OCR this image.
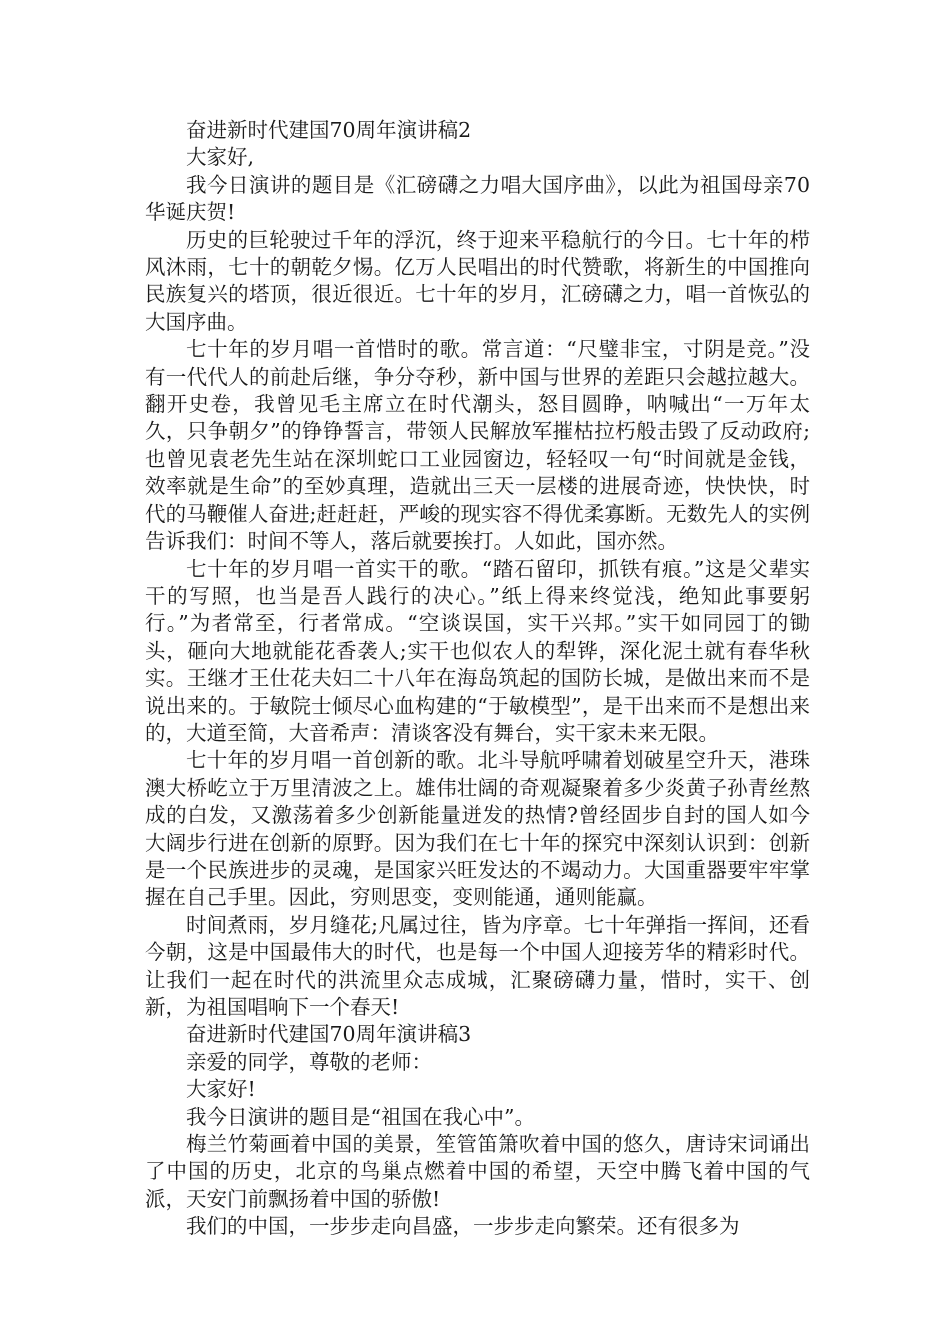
奋进新时代建国70周年演讲稿2

大家好,

我今日演讲的题目是《汇磅礴之力唱大国序曲》，以此为祖国母亲70华诞庆贺!

历史的巨轮驶过千年的浮沉，终于迎来平稳航行的今日。七十年的栉风沐雨，七十的朝乾夕惕。亿万人民唱出的时代赞歌，将新生的中国推向民族复兴的塔顶，很近很近。七十年的岁月，汇磅礴之力，唱一首恢弘的大国序曲。

七十年的岁月唱一首惜时的歌。常言道：“尺璧非宝，寸阴是竞。”没有一代代人的前赴后继，争分夺秒，新中国与世界的差距只会越拉越大。翻开史卷，我曾见毛主席立在时代潮头，怒目圆睁，呐喊出“一万年太久，只争朝夕”的铮铮誓言，带领人民解放军摧枯拉朽般击毁了反动政府;也曾见袁老先生站在深圳蛇口工业园窗边，轻轻叹一句“时间就是金钱，效率就是生命”的至妙真理，造就出三天一层楼的进展奇迹，快快快，时代的马鞭催人奋进;赶赶赶，严峻的现实容不得优柔寡断。无数先人的实例告诉我们：时间不等人，落后就要挨打。人如此，国亦然。

七十年的岁月唱一首实干的歌。“踏石留印，抓铁有痕。”这是父辈实干的写照，也当是吾人践行的决心。”纸上得来终觉浅，绝知此事要躬行。”为者常至，行者常成。“空谈误国，实干兴邦。”实干如同园丁的锄头，砸向大地就能花香袭人;实干也似农人的犁铧，深化泥土就有春华秋实。王继才王仕花夫妇二十八年在海岛筑起的国防长城，是做出来而不是说出来的。于敏院士倾尽心血构建的“于敏模型”，是干出来而不是想出来的，大道至简，大音希声：清谈客没有舞台，实干家未来无限。

七十年的岁月唱一首创新的歌。北斗导航呼啸着划破星空升天，港珠澳大桥屹立于万里清波之上。雄伟壮阔的奇观凝聚着多少炎黄子孙青丝熬成的白发，又激荡着多少创新能量迸发的热情?曾经固步自封的国人如今大阔步行进在创新的原野。因为我们在七十年的探究中深刻认识到：创新是一个民族进步的灵魂，是国家兴旺发达的不竭动力。大国重器要牢牢掌握在自己手里。因此，穷则思变，变则能通，通则能赢。

时间煮雨，岁月缝花;凡属过往，皆为序章。七十年弹指一挥间，还看今朝，这是中国最伟大的时代，也是每一个中国人迎接芳华的精彩时代。让我们一起在时代的洪流里众志成城，汇聚磅礴力量，惜时，实干、创新，为祖国唱响下一个春天!

奋进新时代建国70周年演讲稿3

亲爱的同学，尊敬的老师：

大家好!

我今日演讲的题目是“祖国在我心中”。

梅兰竹菊画着中国的美景，笙管笛箫吹着中国的悠久，唐诗宋词诵出了中国的历史，北京的鸟巢点燃着中国的希望，天空中腾飞着中国的气派，天安门前飘扬着中国的骄傲!

我们的中国，一步步走向昌盛，一步步走向繁荣。还有很多为
